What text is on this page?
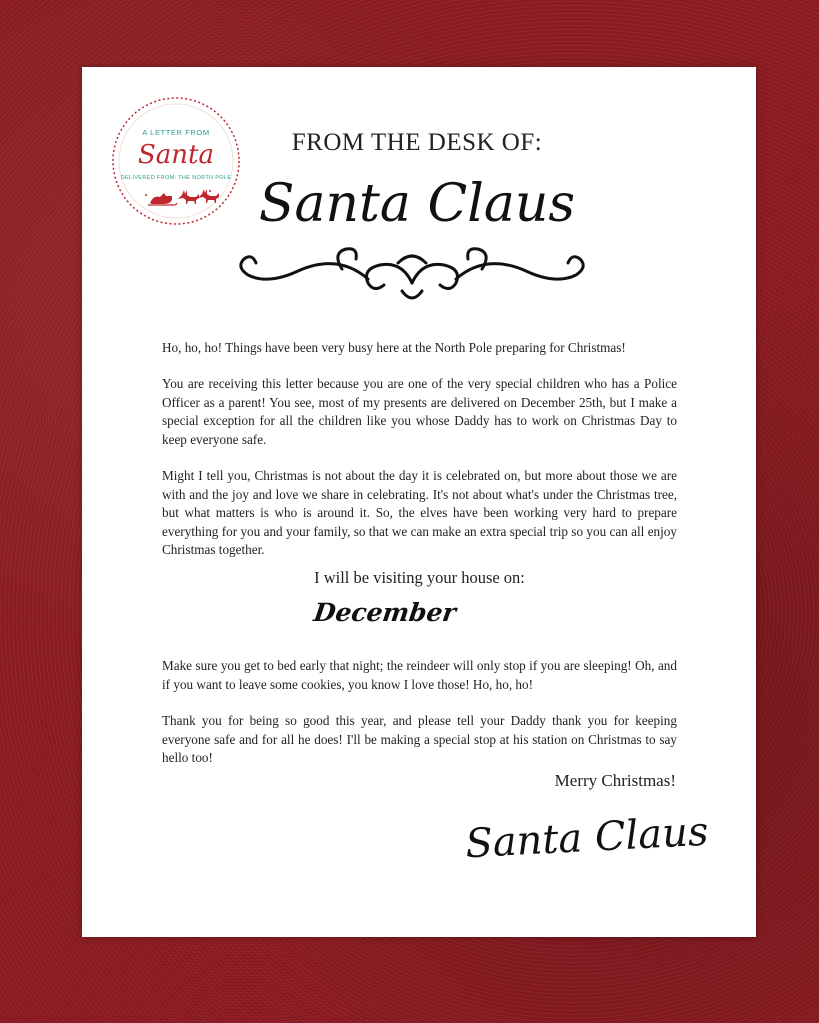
A LETTER FROM
Santa
DELIVERED FROM: THE NORTH POLE
FROM THE DESK OF:
Santa Claus

Ho, ho, ho! Things have been very busy here at the North Pole preparing for Christmas!

You are receiving this letter because you are one of the very special children who has a Police Officer as a parent! You see, most of my presents are delivered on December 25th, but I make a special exception for all the children like you whose Daddy has to work on Christmas Day to keep everyone safe.

Might I tell you, Christmas is not about the day it is celebrated on, but more about those we are with and the joy and love we share in celebrating. It's not about what's under the Christmas tree, but what matters is who is around it. So, the elves have been working very hard to prepare everything for you and your family, so that we can make an extra special trip so you can all enjoy Christmas together.

I will be visiting your house on:
December

Make sure you get to bed early that night; the reindeer will only stop if you are sleeping! Oh, and if you want to leave some cookies, you know I love those! Ho, ho, ho!

Thank you for being so good this year, and please tell your Daddy thank you for keeping everyone safe and for all he does! I'll be making a special stop at his station on Christmas to say hello too!

Merry Christmas!
Santa Claus
